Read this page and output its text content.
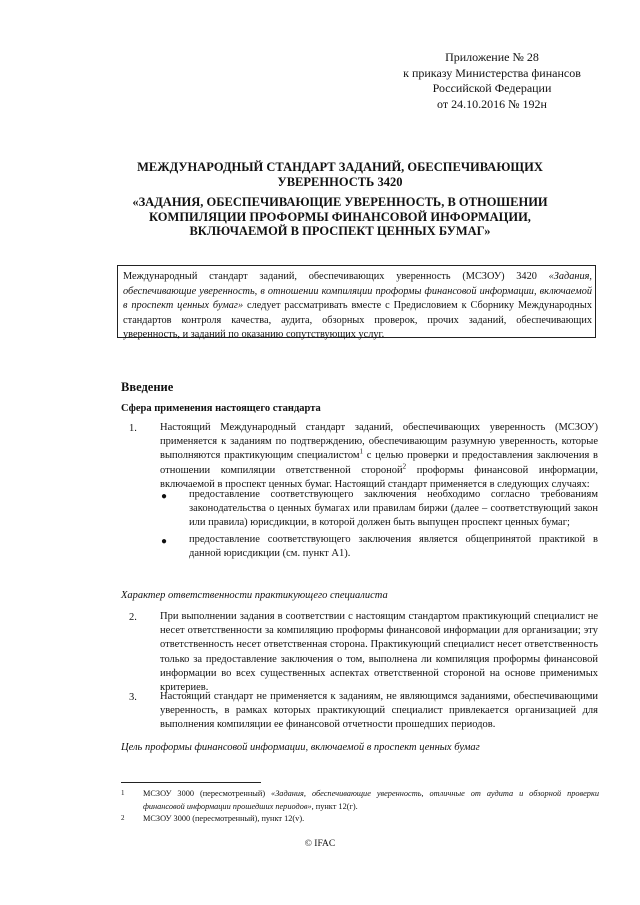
Приложение № 28
к приказу Министерства финансов
Российской Федерации
от 24.10.2016 № 192н

МЕЖДУНАРОДНЫЙ СТАНДАРТ ЗАДАНИЙ, ОБЕСПЕЧИВАЮЩИХ

УВЕРЕННОСТЬ 3420

«ЗАДАНИЯ, ОБЕСПЕЧИВАЮЩИЕ УВЕРЕННОСТЬ, В ОТНОШЕНИИ

КОМПИЛЯЦИИ ПРОФОРМЫ ФИНАНСОВОЙ ИНФОРМАЦИИ,

ВКЛЮЧАЕМОЙ В ПРОСПЕКТ ЦЕННЫХ БУМАГ»

Международный стандарт заданий, обеспечивающих уверенность (МСЗОУ) 3420 «Задания, обеспечивающие уверенность, в отношении компиляции проформы финансовой информации, включаемой в проспект ценных бумаг» следует рассматривать вместе с Предисловием к Сборнику Международных стандартов контроля качества, аудита, обзорных проверок, прочих заданий, обеспечивающих уверенность, и заданий по оказанию сопутствующих услуг.
Введение
Сфера применения настоящего стандарта
1. Настоящий Международный стандарт заданий, обеспечивающих уверенность (МСЗОУ) применяется к заданиям по подтверждению, обеспечивающим разумную уверенность, которые выполняются практикующим специалистом$^1$ с целью проверки и предоставления заключения в отношении компиляции ответственной стороной$^2$ проформы финансовой информации, включаемой в проспект ценных бумаг. Настоящий стандарт применяется в следующих случаях:
● предоставление соответствующего заключения необходимо согласно требованиям законодательства о ценных бумагах или правилам биржи (далее – соответствующий закон или правила) юрисдикции, в которой должен быть выпущен проспект ценных бумаг;
● предоставление соответствующего заключения является общепринятой практикой в данной юрисдикции (см. пункт A1).
Характер ответственности практикующего специалиста
2. При выполнении задания в соответствии с настоящим стандартом практикующий специалист не несет ответственности за компиляцию проформы финансовой информации для организации; эту ответственность несет ответственная сторона. Практикующий специалист несет ответственность только за предоставление заключения о том, выполнена ли компиляция проформы финансовой информации во всех существенных аспектах ответственной стороной на основе применимых критериев.
3. Настоящий стандарт не применяется к заданиям, не являющимся заданиями, обеспечивающими уверенность, в рамках которых практикующий специалист привлекается организацией для выполнения компиляции ее финансовой отчетности прошедших периодов.
Цель проформы финансовой информации, включаемой в проспект ценных бумаг
1 МСЗОУ 3000 (пересмотренный) «Задания, обеспечивающие уверенность, отличные от аудита и обзорной проверки финансовой информации прошедших периодов», пункт 12(г).
2 МСЗОУ 3000 (пересмотренный), пункт 12(v).
© IFAC
